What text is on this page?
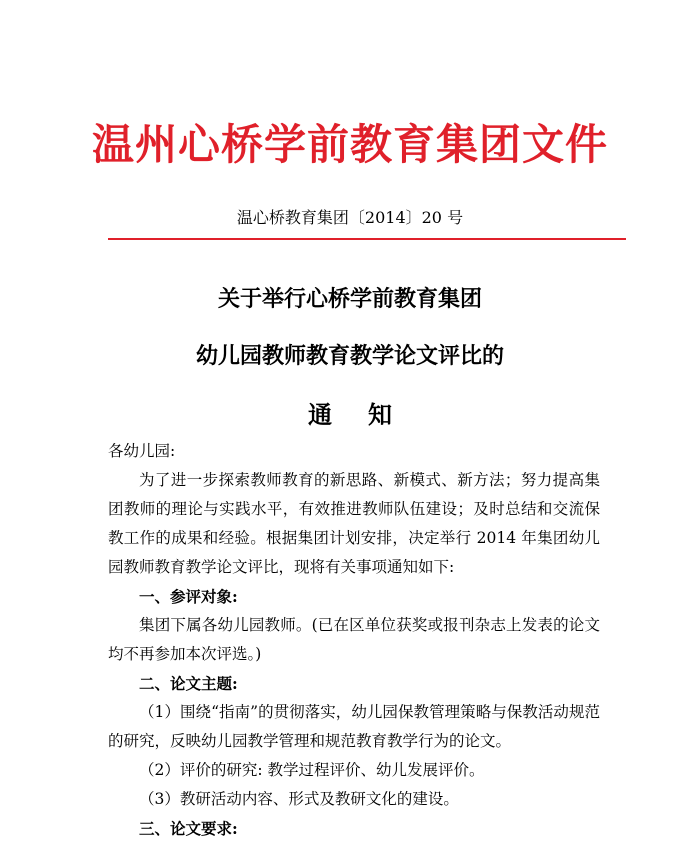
温州心桥学前教育集团文件
温心桥教育集团〔2014〕20 号
关于举行心桥学前教育集团
幼儿园教师教育教学论文评比的
通知

各幼儿园:

为了进一步探索教师教育的新思路、新模式、新方法；努力提高集团教师的理论与实践水平，有效推进教师队伍建设；及时总结和交流保教工作的成果和经验。根据集团计划安排，决定举行 2014 年集团幼儿园教师教育教学论文评比，现将有关事项通知如下:

一、参评对象:

集团下属各幼儿园教师。(已在区单位获奖或报刊杂志上发表的论文均不再参加本次评选。)

二、论文主题:

（1）围绕“指南”的贯彻落实，幼儿园保教管理策略与保教活动规范的研究，反映幼儿园教学管理和规范教育教学行为的论文。

（2）评价的研究: 教学过程评价、幼儿发展评价。

（3）教研活动内容、形式及教研文化的建设。

三、论文要求:
